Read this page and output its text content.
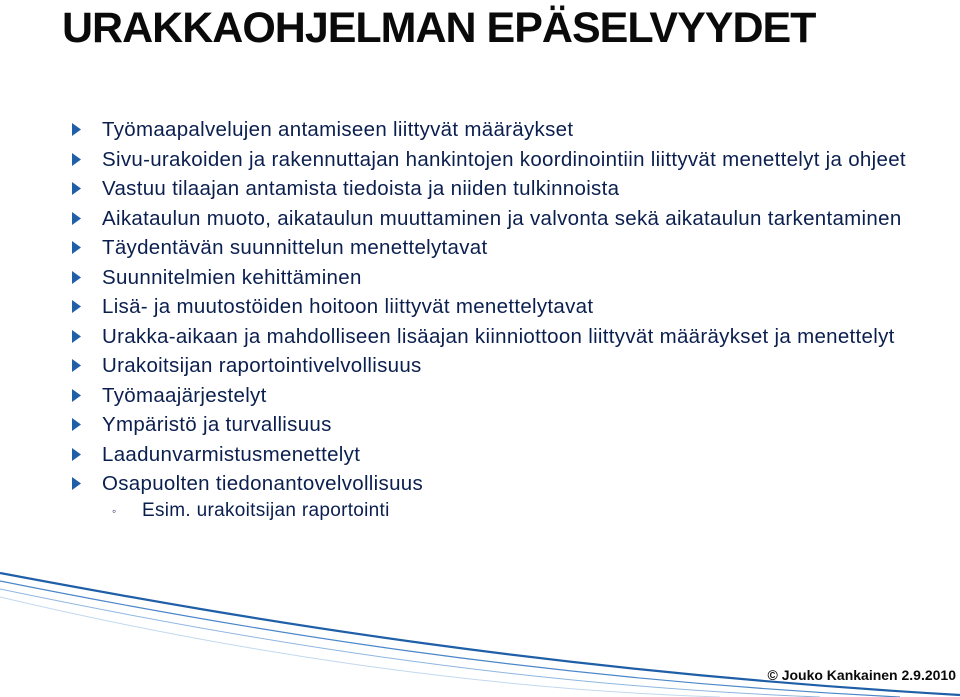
URAKKAOHJELMAN EPÄSELVYYDET
Työmaapalvelujen antamiseen liittyvät määräykset
Sivu-urakoiden ja rakennuttajan hankintojen koordinointiin liittyvät menettelyt ja ohjeet
Vastuu tilaajan antamista tiedoista ja niiden tulkinnoista
Aikataulun muoto, aikataulun muuttaminen ja valvonta sekä aikataulun tarkentaminen
Täydentävän suunnittelun menettelytavat
Suunnitelmien kehittäminen
Lisä- ja muutostöiden hoitoon liittyvät menettelytavat
Urakka-aikaan ja mahdolliseen lisäajan kiinniottoon liittyvät määräykset ja menettelyt
Urakoitsijan raportointivelvollisuus
Työmaajärjestelyt
Ympäristö ja turvallisuus
Laadunvarmistusmenettelyt
Osapuolten tiedonantovelvollisuus
◦	Esim. urakoitsijan raportointi
© Jouko Kankainen 2.9.2010
